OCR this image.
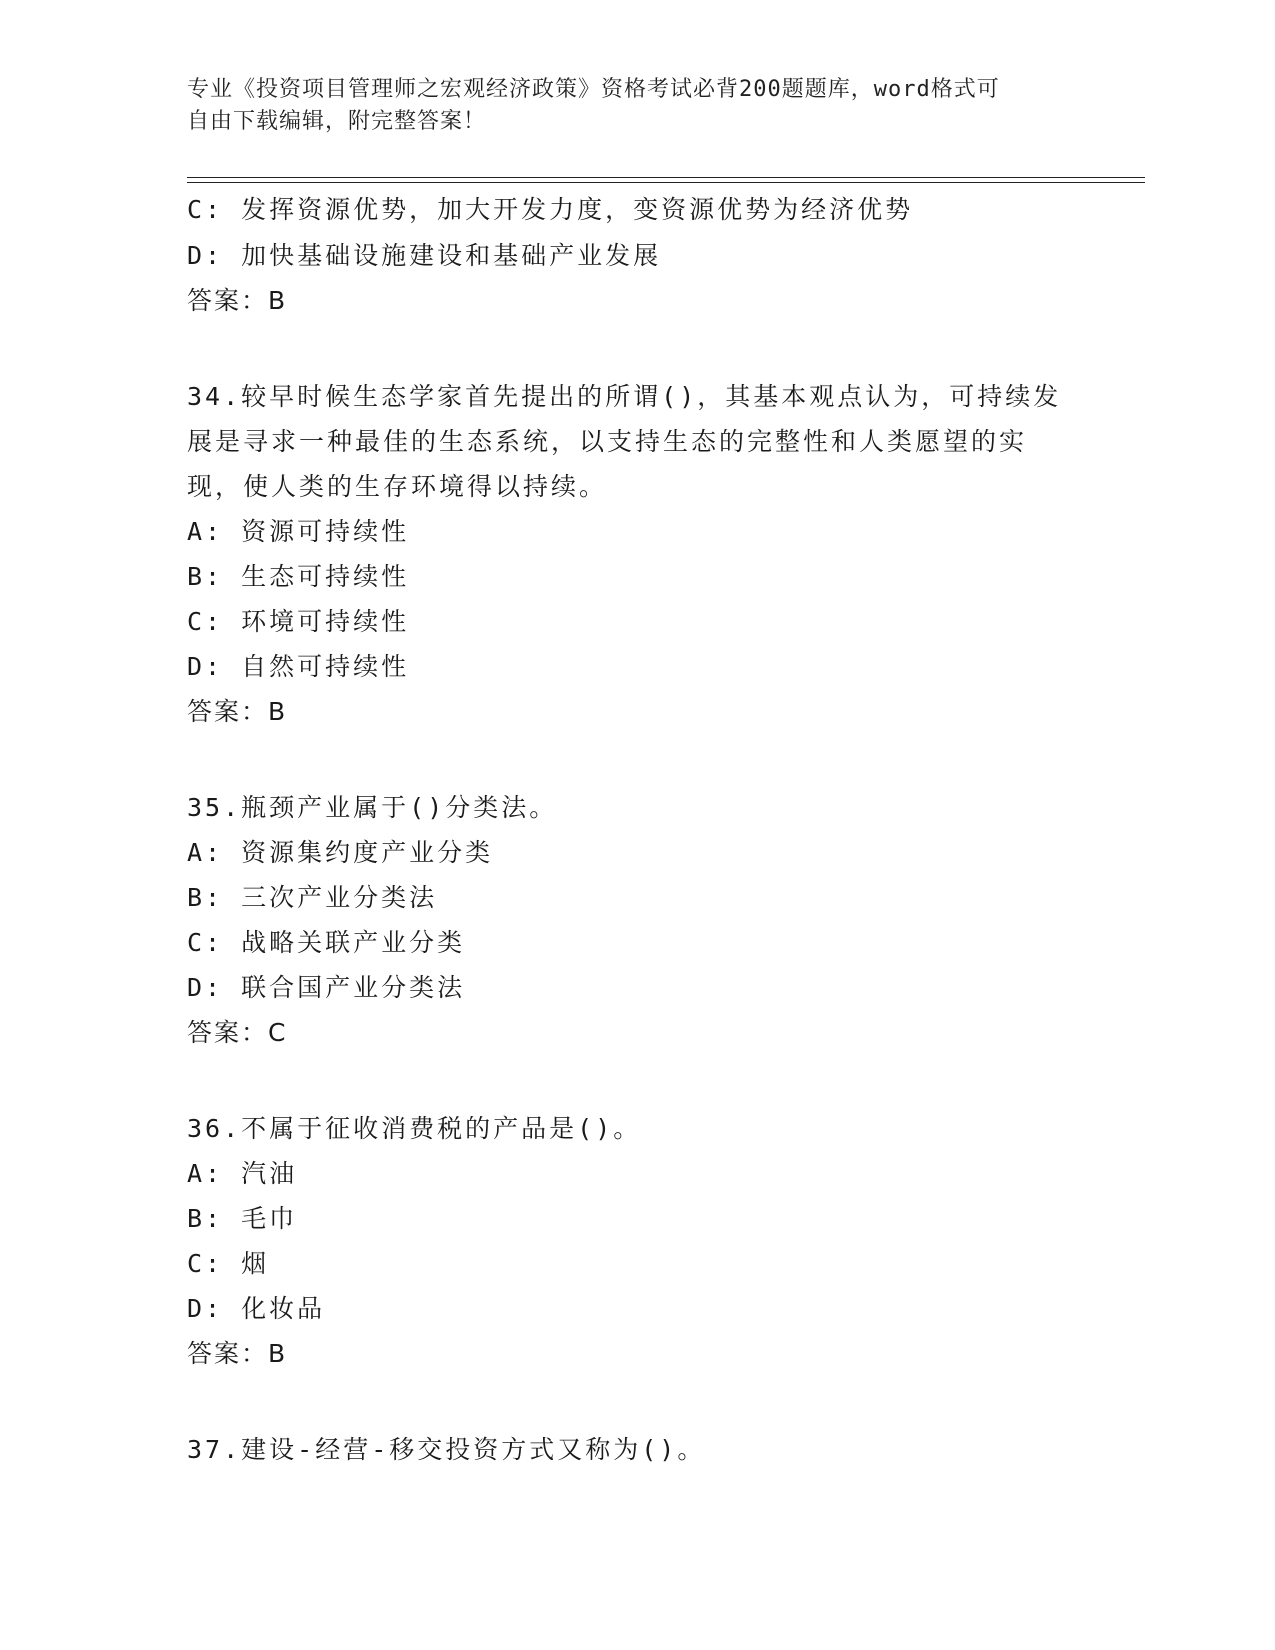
专业《投资项目管理师之宏观经济政策》资格考试必背200题题库，word格式可
自由下载编辑，附完整答案！
C: 发挥资源优势，加大开发力度，变资源优势为经济优势
D: 加快基础设施建设和基础产业发展
答案：B
34.较早时候生态学家首先提出的所谓()，其基本观点认为，可持续发
展是寻求一种最佳的生态系统，以支持生态的完整性和人类愿望的实
现，使人类的生存环境得以持续。
A: 资源可持续性
B: 生态可持续性
C: 环境可持续性
D: 自然可持续性
答案：B
35.瓶颈产业属于()分类法。
A: 资源集约度产业分类
B: 三次产业分类法
C: 战略关联产业分类
D: 联合国产业分类法
答案：C
36.不属于征收消费税的产品是()。
A: 汽油
B: 毛巾
C: 烟
D: 化妆品
答案：B
37.建设-经营-移交投资方式又称为()。
